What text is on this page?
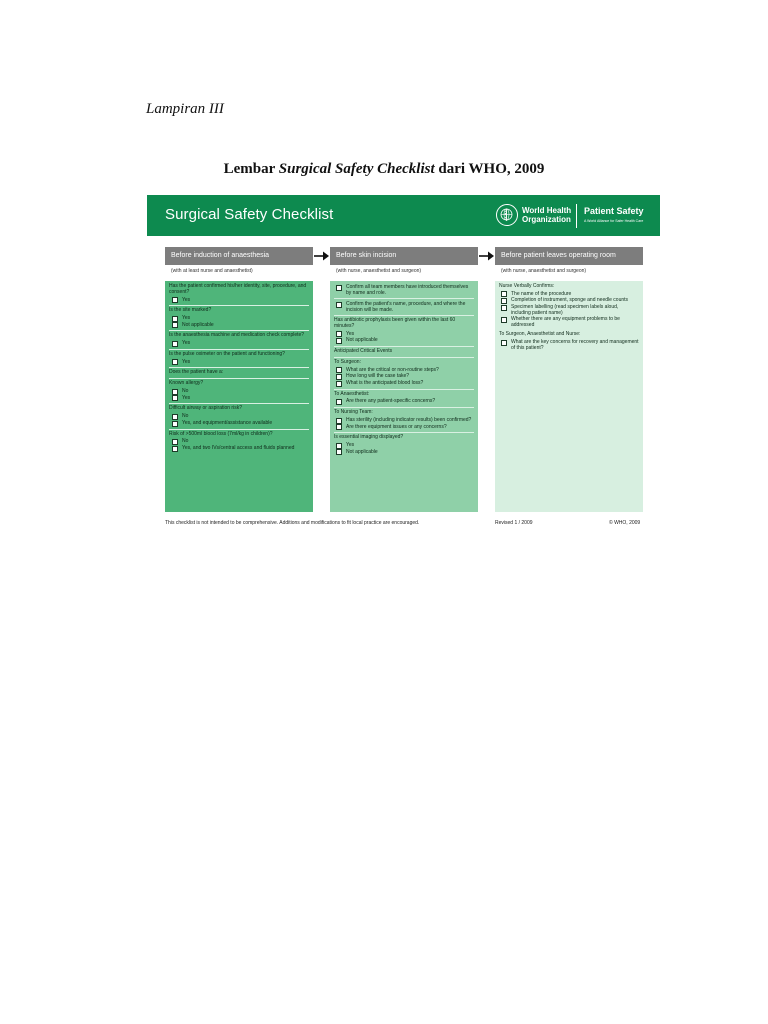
Lampiran III
Lembar Surgical Safety Checklist dari WHO, 2009
Surgical Safety Checklist	World Health
Organization
Patient Safety
A World Alliance for Safer Health Care
Before induction of anaesthesia	Before skin incision	Before patient leaves operating room
(with at least nurse and anaesthetist)	(with nurse, anaesthetist and surgeon)	(with nurse, anaesthetist and surgeon)
Has the patient confirmed his/her identity, site, procedure, and consent?
Yes
Is the site marked?
Yes
Not applicable
Is the anaesthesia machine and medication check complete?
Yes
Is the pulse oximeter on the patient and functioning?
Yes
Does the patient have a:
Known allergy?
No
Yes
Difficult airway or aspiration risk?
No
Yes, and equipment/assistance available
Risk of >500ml blood loss (7ml/kg in children)?
No
Yes, and two IVs/central access and fluids planned
Confirm all team members have introduced themselves by name and role.
Confirm the patient's name, procedure, and where the incision will be made.
Has antibiotic prophylaxis been given within the last 60 minutes?
Yes
Not applicable
Anticipated Critical Events
To Surgeon:
What are the critical or non-routine steps?
How long will the case take?
What is the anticipated blood loss?
To Anaesthetist:
Are there any patient-specific concerns?
To Nursing Team:
Has sterility (including indicator results) been confirmed?
Are there equipment issues or any concerns?
Is essential imaging displayed?
Yes
Not applicable
Nurse Verbally Confirms:
The name of the procedure
Completion of instrument, sponge and needle counts
Specimen labelling (read specimen labels aloud, including patient name)
Whether there are any equipment problems to be addressed
To Surgeon, Anaesthetist and Nurse:
What are the key concerns for recovery and management of this patient?
This checklist is not intended to be comprehensive. Additions and modifications to fit local practice are encouraged.	Revised 1 / 2009	© WHO, 2009
